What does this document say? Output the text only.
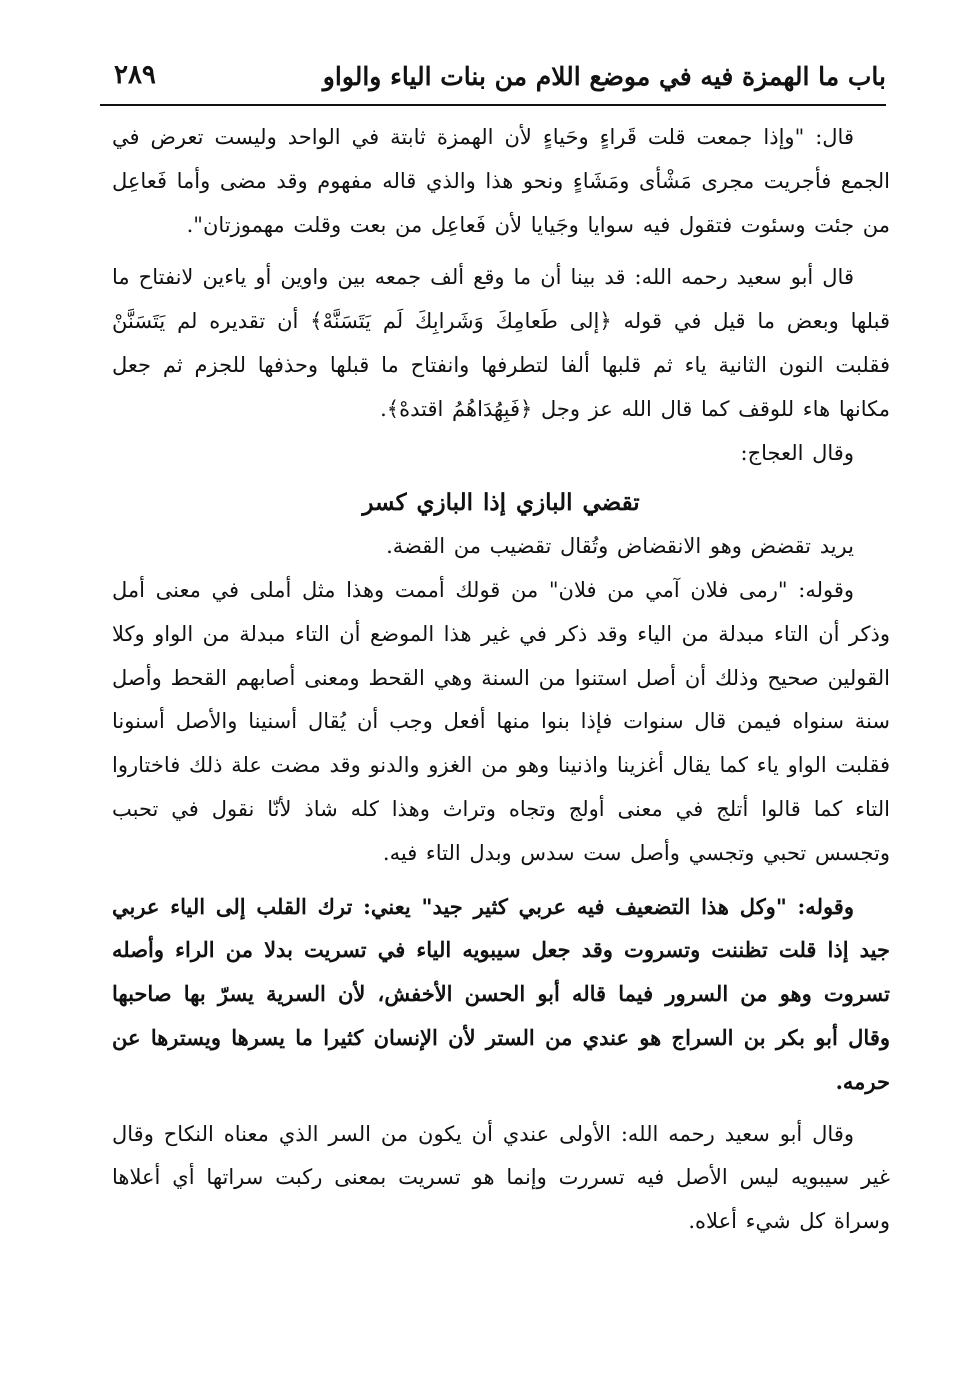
باب ما الهمزة فيه في موضع اللام من بنات الياء والواو
٢٨٩

قال: "وإذا جمعت قلت قَراءٍ وحَياءٍ لأن الهمزة ثابتة في الواحد وليست تعرض في الجمع فأجريت مجرى مَشْأى ومَشَاءٍ ونحو هذا والذي قاله مفهوم وقد مضى وأما فَعاعِل من جئت وسئوت فتقول فيه سوايا وجَيايا لأن فَعاعِل من بعت وقلت مهموزتان".

قال أبو سعيد رحمه الله: قد بينا أن ما وقع ألف جمعه بين واوين أو ياءين لانفتاح ما قبلها وبعض ما قيل في قوله ﴿إلى طَعامِكَ وَشَرابِكَ لَم يَتَسَنَّهْ﴾ أن تقديره لم يَتَسَنَّنْ فقلبت النون الثانية ياء ثم قلبها ألفا لتطرفها وانفتاح ما قبلها وحذفها للجزم ثم جعل مكانها هاء للوقف كما قال الله عز وجل ﴿فَبِهُدَاهُمُ اقتدهْ﴾.

وقال العجاج:

تقضي البازي إذا البازي كسر

يريد تقضض وهو الانقضاض وتُقال تقضيب من القضة.

وقوله: "رمى فلان آمي من فلان" من قولك أممت وهذا مثل أملى في معنى أمل وذكر أن التاء مبدلة من الياء وقد ذكر في غير هذا الموضع أن التاء مبدلة من الواو وكلا القولين صحيح وذلك أن أصل استنوا من السنة وهي القحط ومعنى أصابهم القحط وأصل سنة سنواه فيمن قال سنوات فإذا بنوا منها أفعل وجب أن يُقال أسنينا والأصل أسنونا فقلبت الواو ياء كما يقال أغزينا واذنينا وهو من الغزو والدنو وقد مضت علة ذلك فاختاروا التاء كما قالوا أتلج في معنى أولج وتجاه وتراث وهذا كله شاذ لأنّا نقول في تحبب وتجسس تحبي وتجسي وأصل ست سدس وبدل التاء فيه.

وقوله: "وكل هذا التضعيف فيه عربي كثير جيد" يعني: ترك القلب إلى الياء عربي جيد إذا قلت تظننت وتسروت وقد جعل سيبويه الياء في تسريت بدلا من الراء وأصله تسروت وهو من السرور فيما قاله أبو الحسن الأخفش، لأن السرية يسرّ بها صاحبها وقال أبو بكر بن السراج هو عندي من الستر لأن الإنسان كثيرا ما يسرها ويسترها عن حرمه.

وقال أبو سعيد رحمه الله: الأولى عندي أن يكون من السر الذي معناه النكاح وقال غير سيبويه ليس الأصل فيه تسررت وإنما هو تسريت بمعنى ركبت سراتها أي أعلاها وسراة كل شيء أعلاه.
